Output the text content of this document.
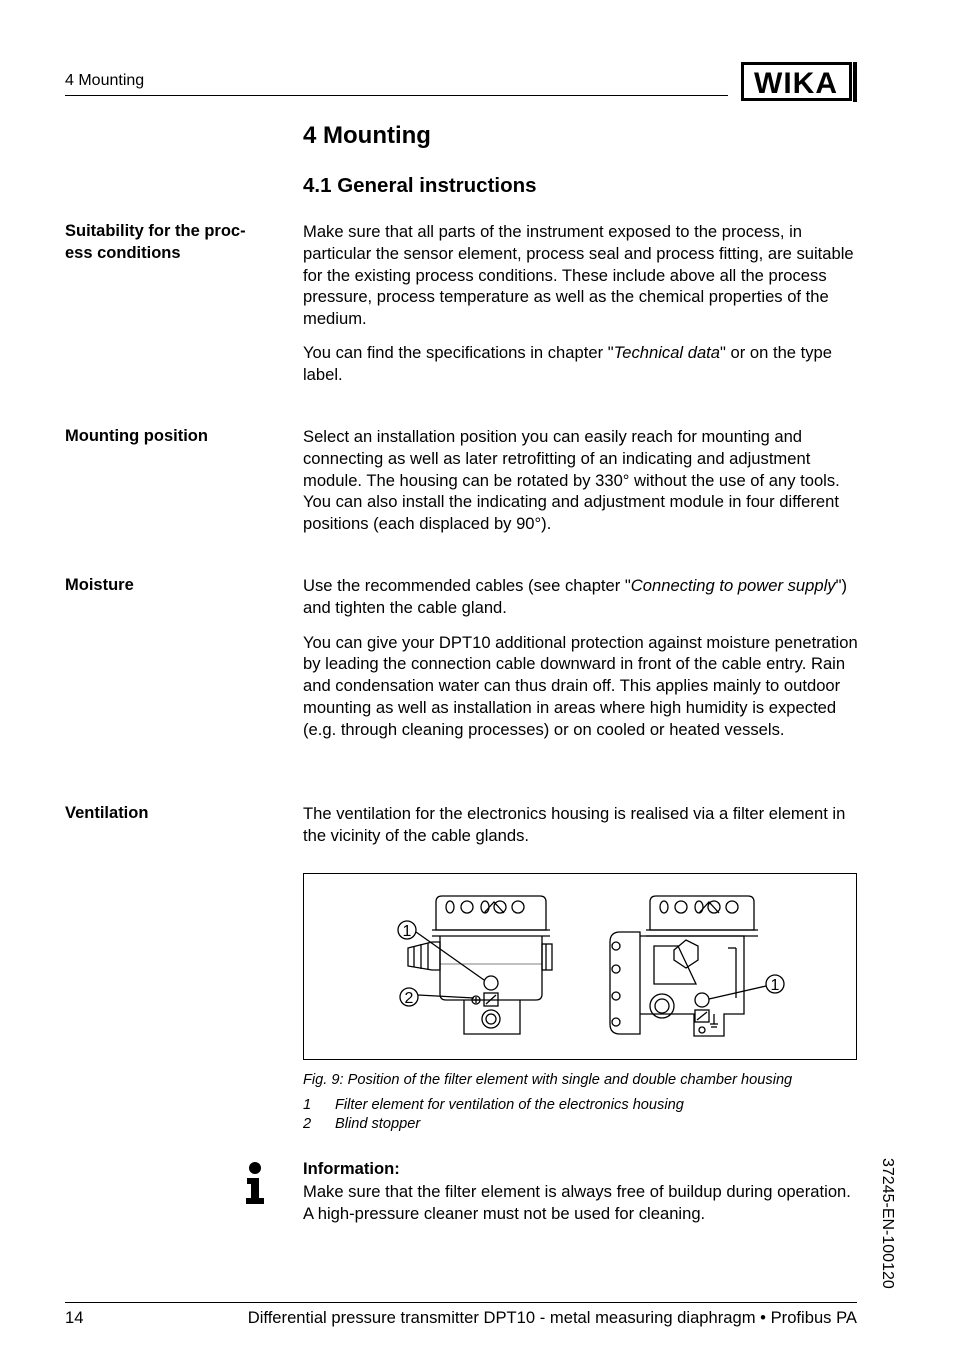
4 Mounting	WIKA
4 Mounting
4.1 General instructions
Suitability for the proc-
ess conditions

Make sure that all parts of the instrument exposed to the process, in particular the sensor element, process seal and process fitting, are suitable for the existing process conditions. These include above all the process pressure, process temperature as well as the chemical properties of the medium.

You can find the specifications in chapter "Technical data" or on the type label.

Mounting position	Select an installation position you can easily reach for mounting and connecting as well as later retrofitting of an indicating and adjustment module. The housing can be rotated by 330° without the use of any tools. You can also install the indicating and adjustment module in four different positions (each displaced by 90°).

Moisture	Use the recommended cables (see chapter "Connecting to power supply") and tighten the cable gland.

You can give your DPT10 additional protection against moisture penetration by leading the connection cable downward in front of the cable entry. Rain and condensation water can thus drain off. This applies mainly to outdoor mounting as well as installation in areas where high humidity is expected (e.g. through cleaning processes) or on cooled or heated vessels.

Ventilation	The ventilation for the electronics housing is realised via a filter element in the vicinity of the cable glands.

1
2
1
Fig. 9: Position of the filter element with single and double chamber housing
1 Filter element for ventilation of the electronics housing
2 Blind stopper
Information:
Make sure that the filter element is always free of buildup during operation. A high-pressure cleaner must not be used for cleaning.	37245-EN-100120
14	Differential pressure transmitter DPT10 - metal measuring diaphragm • Profibus PA
